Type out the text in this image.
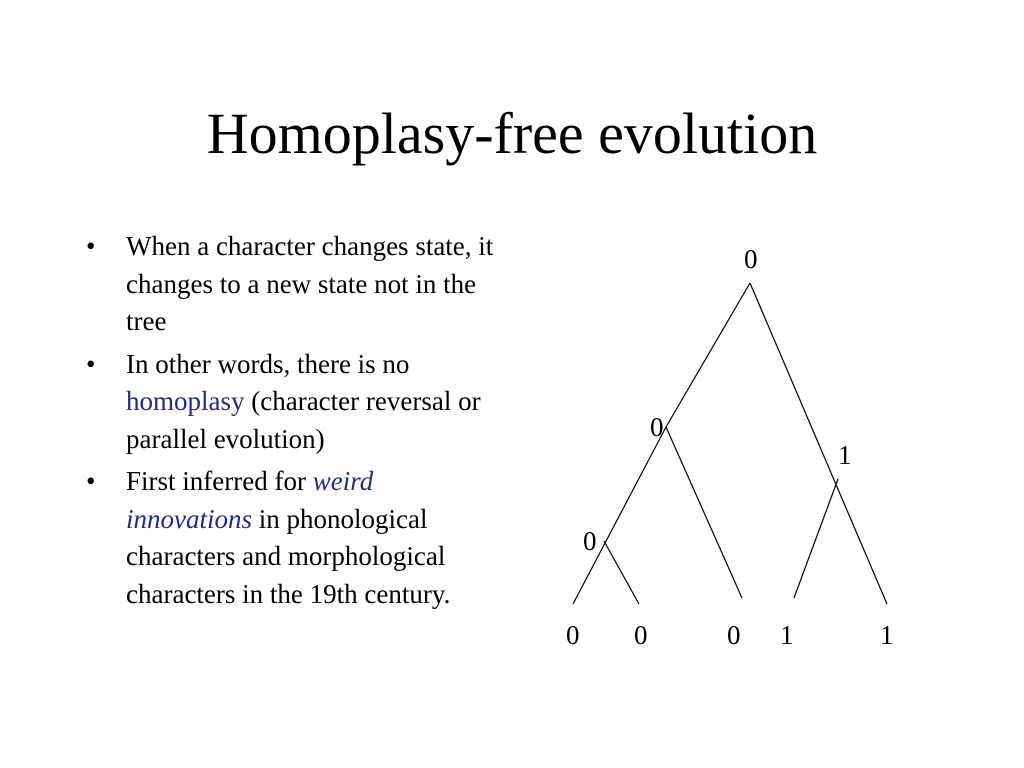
Homoplasy-free evolution
• When a character changes state, it changes to a new state not in the tree
• In other words, there is no homoplasy (character reversal or parallel evolution)
• First inferred for weird innovations in phonological characters and morphological characters in the 19th century.
0
0
1
0
0 0	0 1	1
